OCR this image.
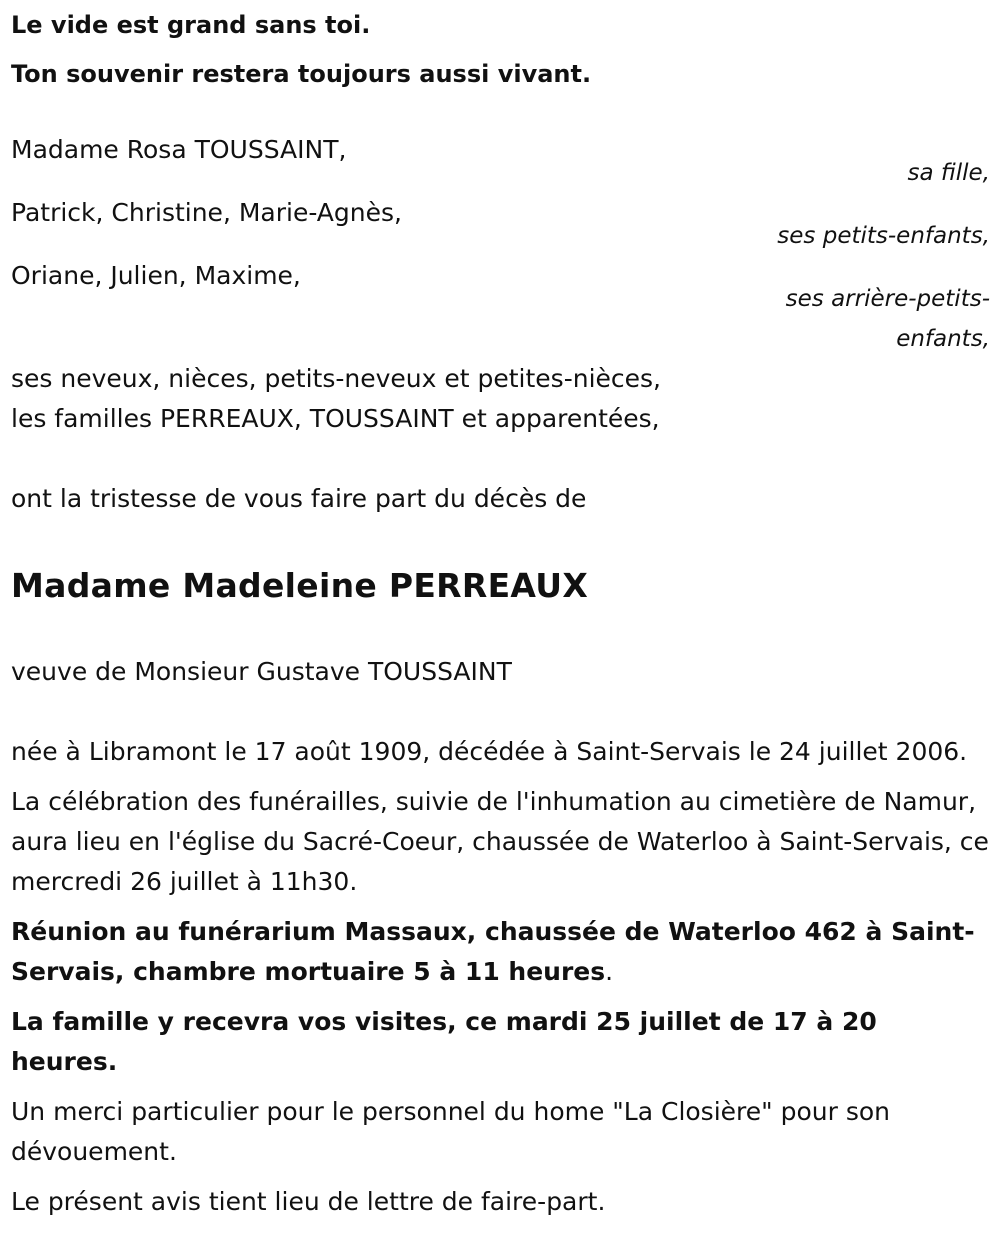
Le vide est grand sans toi.
Ton souvenir restera toujours aussi vivant.
Madame Rosa TOUSSAINT,
sa fille,
Patrick, Christine, Marie-Agnès,
ses petits-enfants,
Oriane, Julien, Maxime,
ses arrière-petits-enfants,
ses neveux, nièces, petits-neveux et petites-nièces,
les familles PERREAUX, TOUSSAINT et apparentées,
ont la tristesse de vous faire part du décès de
Madame Madeleine PERREAUX
veuve de Monsieur Gustave TOUSSAINT
née à Libramont le 17 août 1909, décédée à Saint-Servais le 24 juillet 2006.
La célébration des funérailles, suivie de l'inhumation au cimetière de Namur, aura lieu en l'église du Sacré-Coeur, chaussée de Waterloo à Saint-Servais, ce mercredi 26 juillet à 11h30.
Réunion au funérarium Massaux, chaussée de Waterloo 462 à Saint-Servais, chambre mortuaire 5 à 11 heures.
La famille y recevra vos visites, ce mardi 25 juillet de 17 à 20 heures.
Un merci particulier pour le personnel du home "La Closière" pour son dévouement.
Le présent avis tient lieu de lettre de faire-part.
